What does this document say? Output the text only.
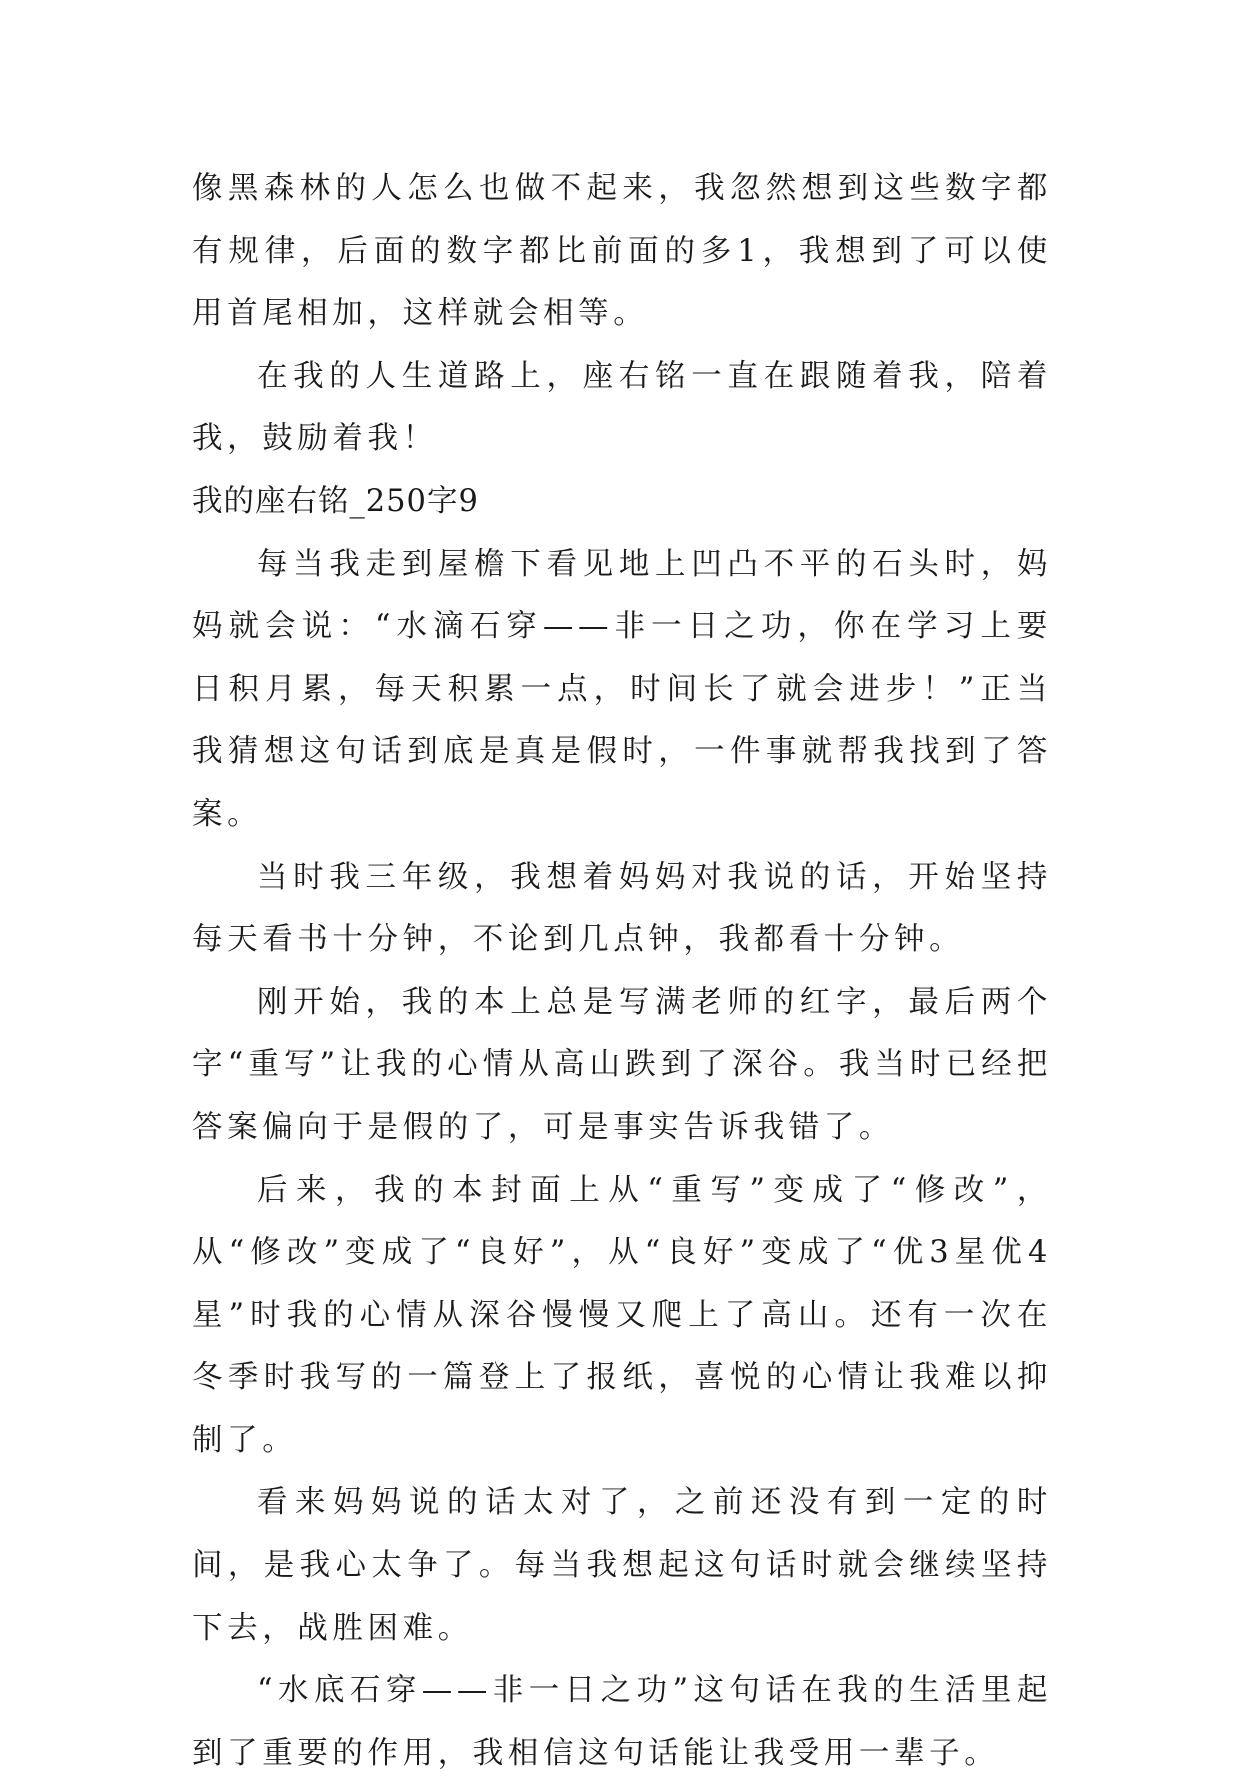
像黑森林的人怎么也做不起来，我忽然想到这些数字都有规律，后面的数字都比前面的多1，我想到了可以使用首尾相加，这样就会相等。

在我的人生道路上，座右铭一直在跟随着我，陪着我，鼓励着我！

我的座右铭_250字9

每当我走到屋檐下看见地上凹凸不平的石头时，妈妈就会说：“水滴石穿——非一日之功，你在学习上要日积月累，每天积累一点，时间长了就会进步！”正当我猜想这句话到底是真是假时，一件事就帮我找到了答案。

当时我三年级，我想着妈妈对我说的话，开始坚持每天看书十分钟，不论到几点钟，我都看十分钟。

刚开始，我的本上总是写满老师的红字，最后两个字“重写”让我的心情从高山跌到了深谷。我当时已经把答案偏向于是假的了，可是事实告诉我错了。

后来，我的本封面上从“重写”变成了“修改”，从“修改”变成了“良好”，从“良好”变成了“优3星优4星”时我的心情从深谷慢慢又爬上了高山。还有一次在冬季时我写的一篇登上了报纸，喜悦的心情让我难以抑制了。

看来妈妈说的话太对了，之前还没有到一定的时间，是我心太争了。每当我想起这句话时就会继续坚持下去，战胜困难。

“水底石穿——非一日之功”这句话在我的生活里起到了重要的作用，我相信这句话能让我受用一辈子。
